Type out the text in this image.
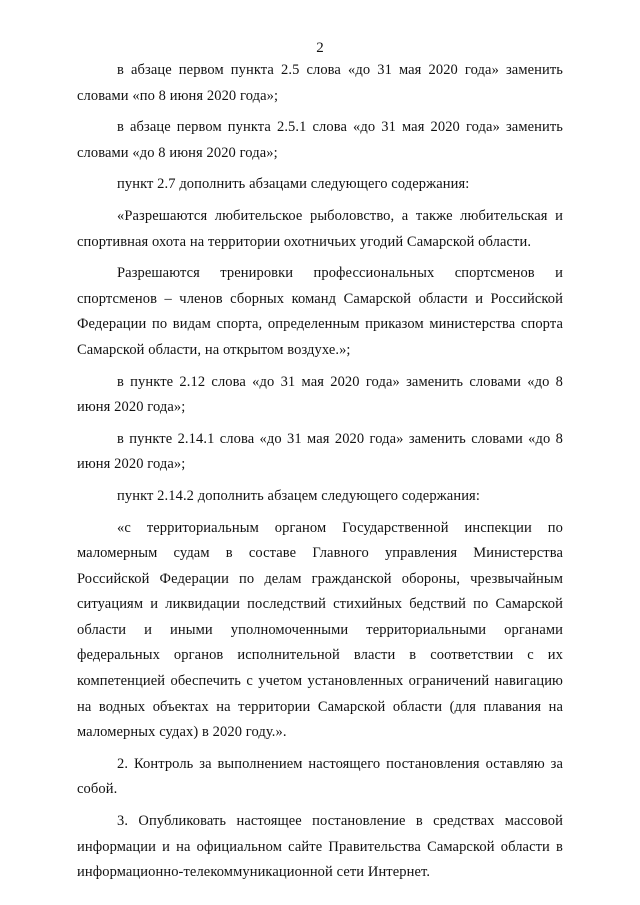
2

в абзаце первом пункта 2.5 слова «до 31 мая 2020 года» заменить словами «по 8 июня 2020 года»;

в абзаце первом пункта 2.5.1 слова «до 31 мая 2020 года» заменить словами «до 8 июня 2020 года»;

пункт 2.7 дополнить абзацами следующего содержания:

«Разрешаются любительское рыболовство, а также любительская и спортивная охота на территории охотничьих угодий Самарской области.

Разрешаются тренировки профессиональных спортсменов и спортсменов – членов сборных команд Самарской области и Российской Федерации по видам спорта, определенным приказом министерства спорта Самарской области, на открытом воздухе.»;

в пункте 2.12 слова «до 31 мая 2020 года» заменить словами «до 8 июня 2020 года»;

в пункте 2.14.1 слова «до 31 мая 2020 года» заменить словами «до 8 июня 2020 года»;

пункт 2.14.2 дополнить абзацем следующего содержания:

«с территориальным органом Государственной инспекции по маломерным судам в составе Главного управления Министерства Российской Федерации по делам гражданской обороны, чрезвычайным ситуациям и ликвидации последствий стихийных бедствий по Самарской области и иными уполномоченными территориальными органами федеральных органов исполнительной власти в соответствии с их компетенцией обеспечить с учетом установленных ограничений навигацию на водных объектах на территории Самарской области (для плавания на маломерных судах) в 2020 году.».

2. Контроль за выполнением настоящего постановления оставляю за собой.

3. Опубликовать настоящее постановление в средствах массовой информации и на официальном сайте Правительства Самарской области в информационно-телекоммуникационной сети Интернет.
